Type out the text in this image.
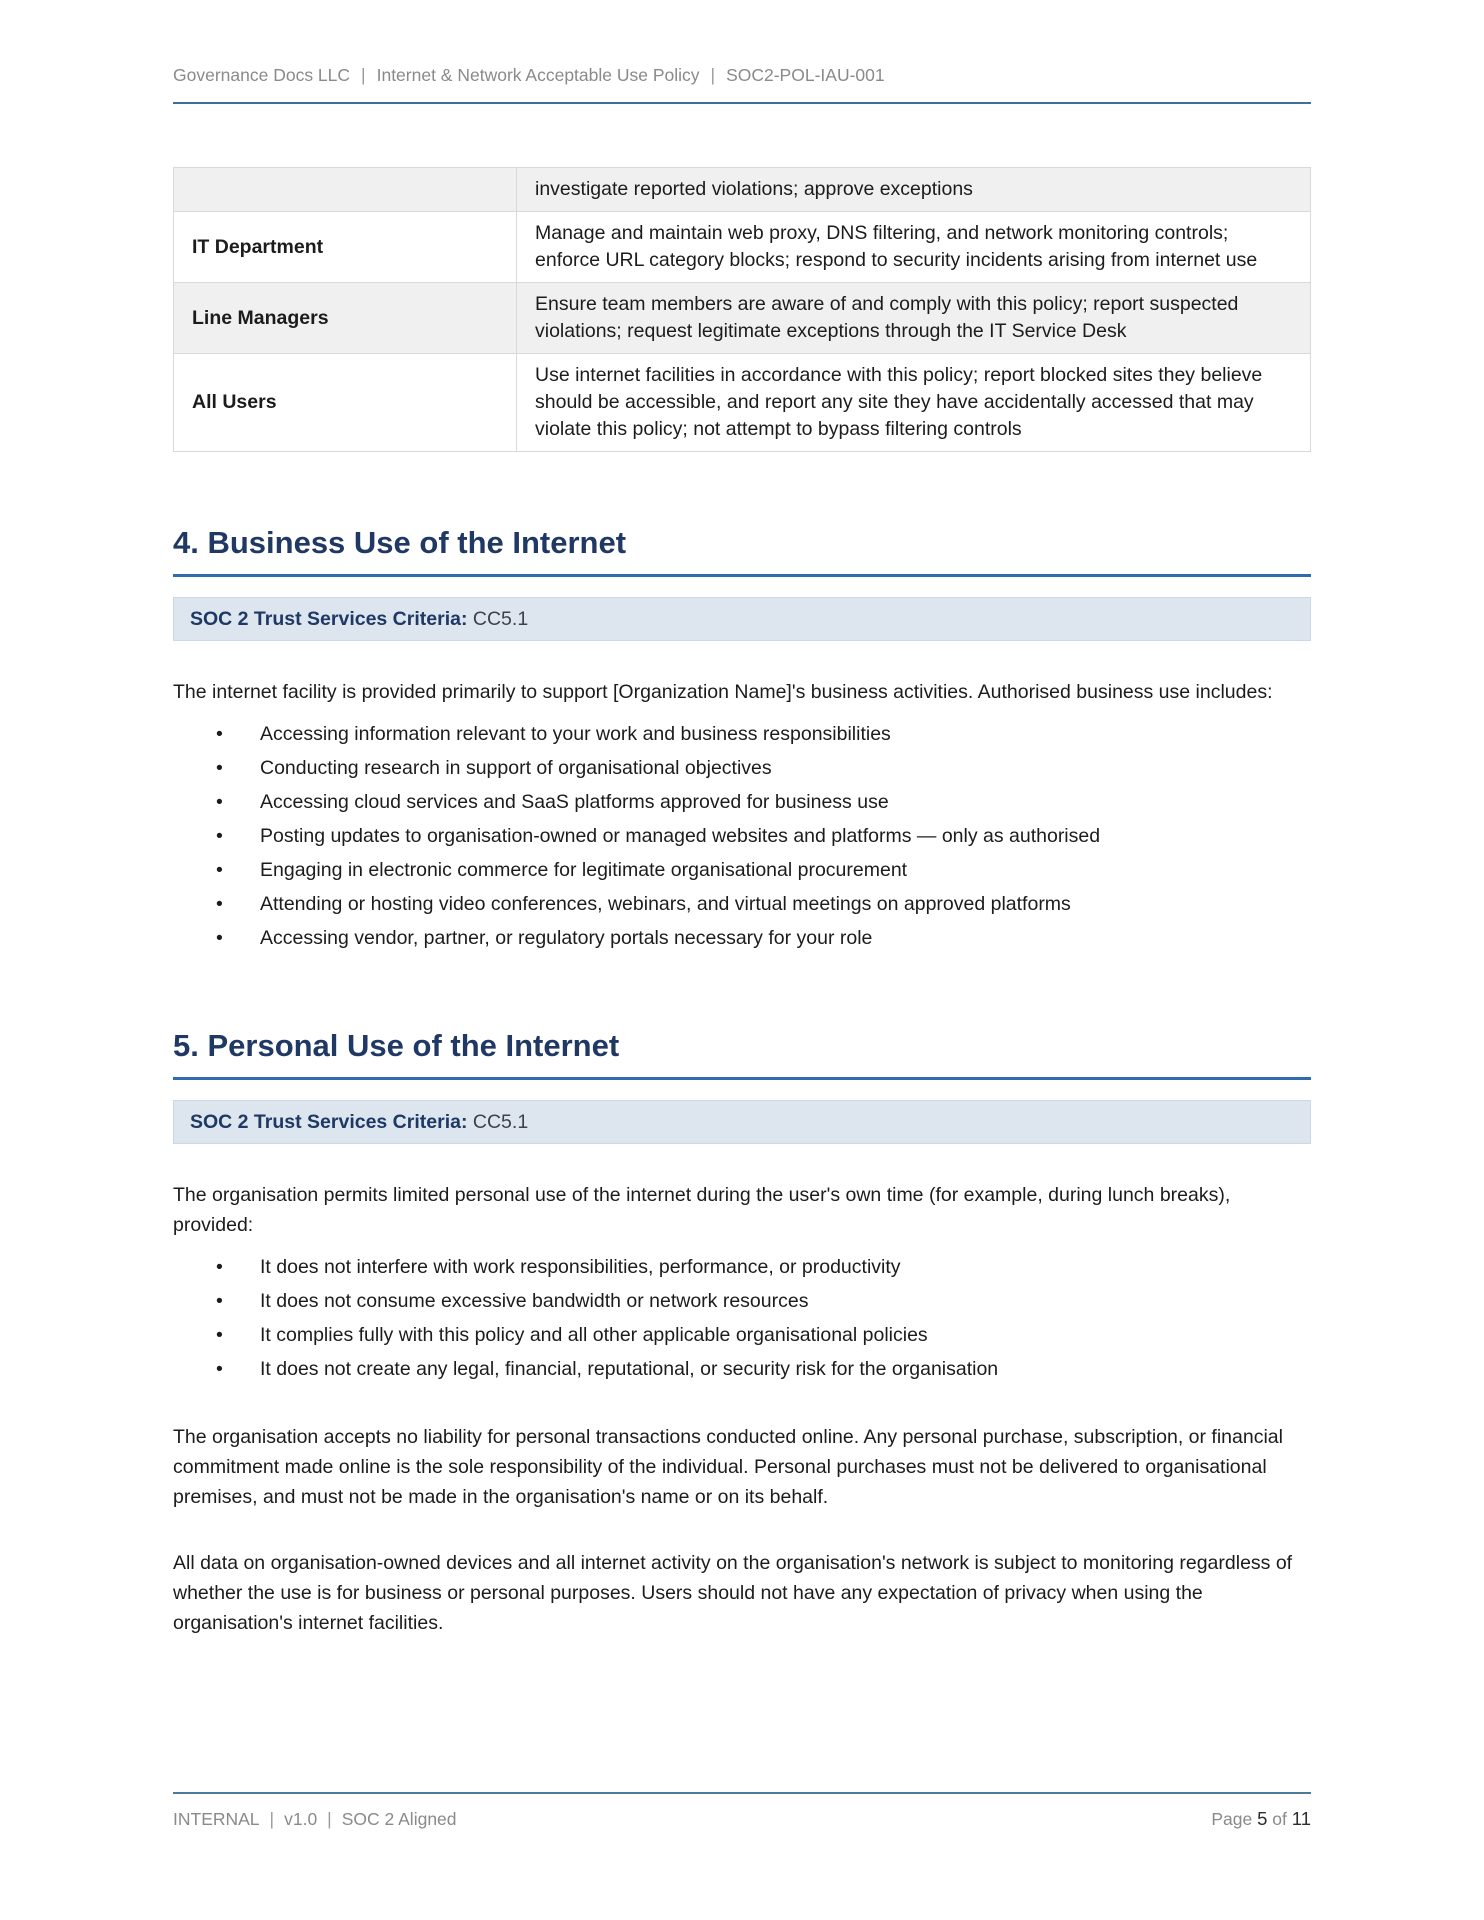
Governance Docs LLC | Internet & Network Acceptable Use Policy | SOC2-POL-IAU-001
	investigate reported violations; approve exceptions
IT Department	Manage and maintain web proxy, DNS filtering, and network monitoring controls; enforce URL category blocks; respond to security incidents arising from internet use
Line Managers	Ensure team members are aware of and comply with this policy; report suspected violations; request legitimate exceptions through the IT Service Desk
All Users	Use internet facilities in accordance with this policy; report blocked sites they believe should be accessible, and report any site they have accidentally accessed that may violate this policy; not attempt to bypass filtering controls
4. Business Use of the Internet
SOC 2 Trust Services Criteria: CC5.1

The internet facility is provided primarily to support [Organization Name]'s business activities. Authorised business use includes:

• Accessing information relevant to your work and business responsibilities
• Conducting research in support of organisational objectives
• Accessing cloud services and SaaS platforms approved for business use
• Posting updates to organisation-owned or managed websites and platforms — only as authorised
• Engaging in electronic commerce for legitimate organisational procurement
• Attending or hosting video conferences, webinars, and virtual meetings on approved platforms
• Accessing vendor, partner, or regulatory portals necessary for your role
5. Personal Use of the Internet
SOC 2 Trust Services Criteria: CC5.1

The organisation permits limited personal use of the internet during the user's own time (for example, during lunch breaks), provided:

• It does not interfere with work responsibilities, performance, or productivity
• It does not consume excessive bandwidth or network resources
• It complies fully with this policy and all other applicable organisational policies
• It does not create any legal, financial, reputational, or security risk for the organisation

The organisation accepts no liability for personal transactions conducted online. Any personal purchase, subscription, or financial commitment made online is the sole responsibility of the individual. Personal purchases must not be delivered to organisational premises, and must not be made in the organisation's name or on its behalf.

All data on organisation-owned devices and all internet activity on the organisation's network is subject to monitoring regardless of whether the use is for business or personal purposes. Users should not have any expectation of privacy when using the organisation's internet facilities.

INTERNAL | v1.0 | SOC 2 Aligned	Page 5 of 11
